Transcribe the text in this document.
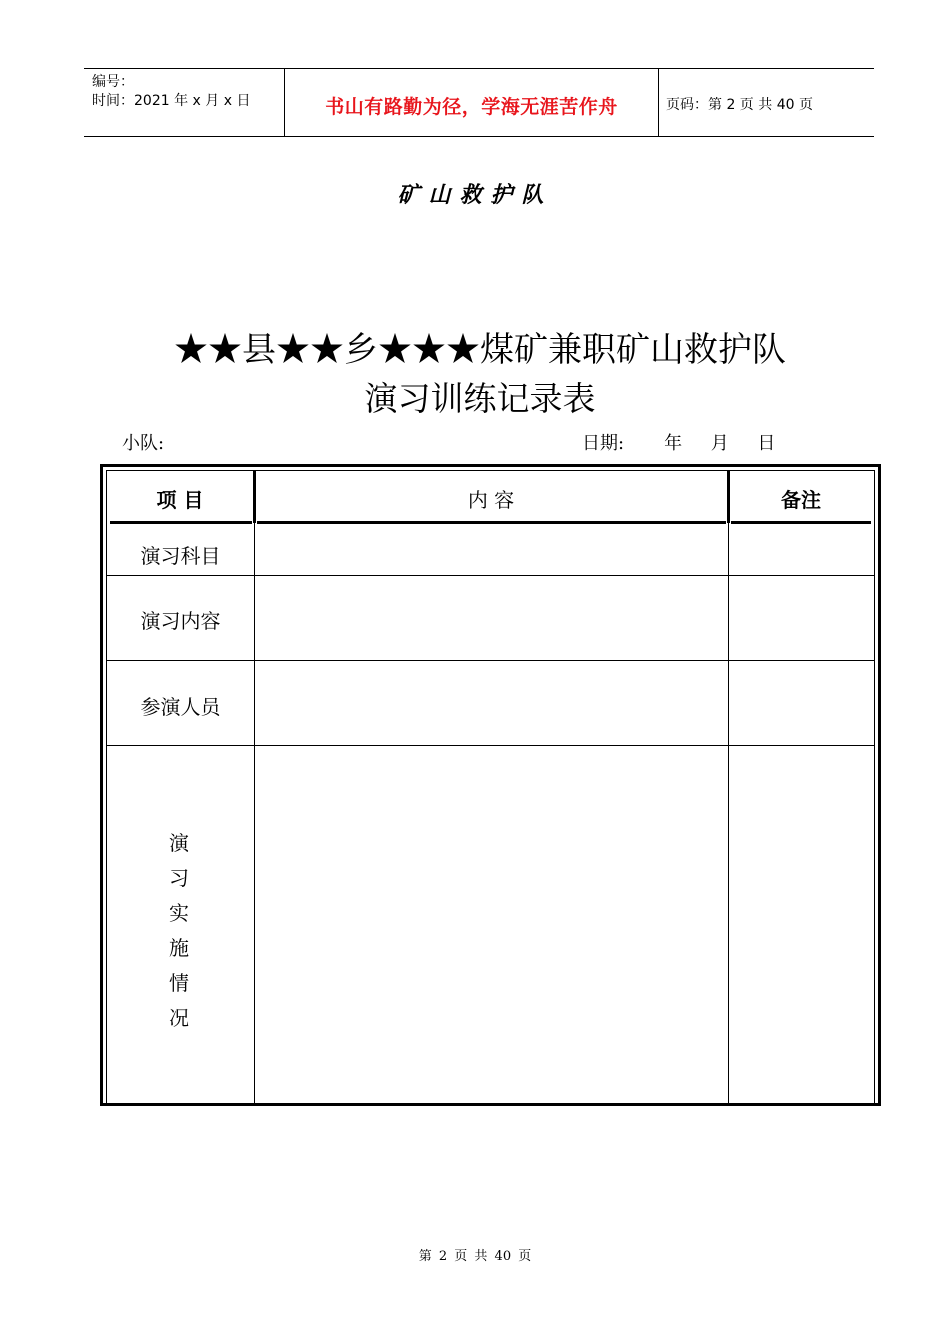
编号：
时间：2021 年 x 月 x 日	书山有路勤为径，学海无涯苦作舟	页码：第 2 页 共 40 页
矿山救护队
★★县★★乡★★★煤矿兼职矿山救护队
演习训练记录表
小队:	日期:       年     月     日
项 目	内 容	备注
演习科目
演习内容
参演人员
演
习
实
施
情
况
第 2 页 共 40 页
